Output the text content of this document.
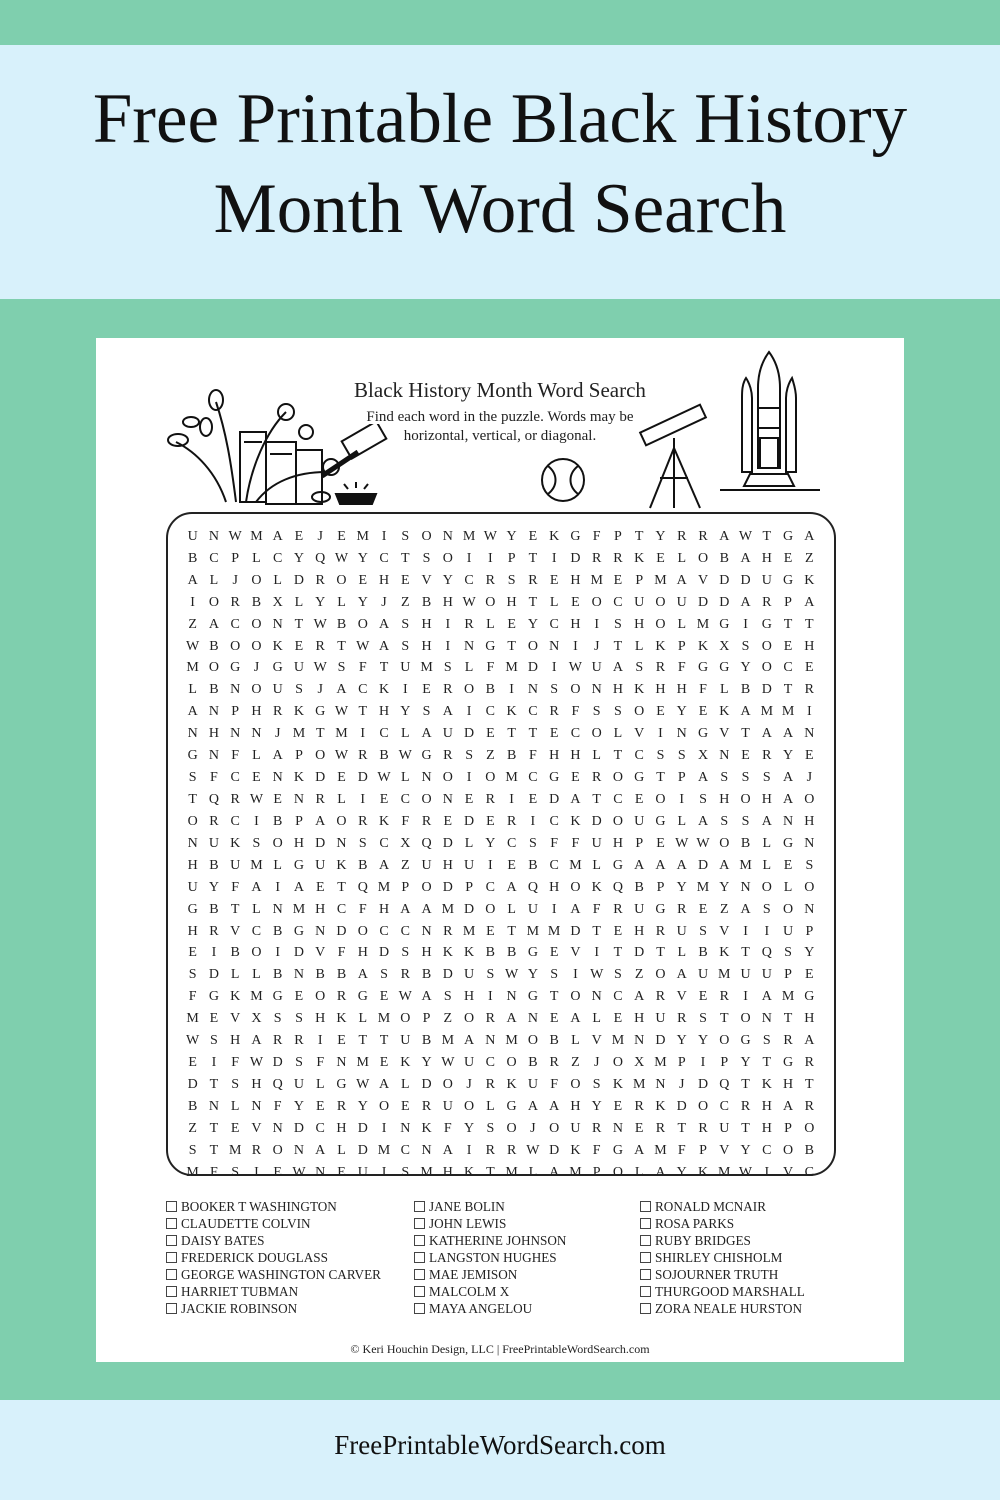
Free Printable Black History
Month Word Search
Black History Month Word Search
Find each word in the puzzle. Words may be
horizontal, vertical, or diagonal.
U N W M A E	J	E M I	S O N M W Y E K G F P T Y R R A W T G A
B C P L C Y Q W Y C T S O I	I	P T	I D R R K E L O B A H E Z
A L	J O L D R O E H E V Y C R S R E H M E P M A V D D U G K
I O R B X L Y L Y J	Z B H W O H T L E O C U O U D D A R P A
Z A C O N T W B O A S H I	R L E Y C H I	S H O L M G I G T T
W B O O K E R T W A S H I N G T O N I	J	T L K P K X S O E H
M O G J G U W S F T U M S L F M D I W U A S R F G G Y O C E
L B N O U S	J A C K I	E R O B	I N S O N H K H H F L B D T R
A N P H R K G W T H Y S A I	C K C R F S S O E Y E K A M M I
N H N N J M T M I	C L A U D E T T E C O L V I N G V T A A N
G N F L A P O W R B W G R S Z B F H H L T C S S X N E R Y E
S F C E N K D E D W L N O I O M C G E R O G T P A S S S A J
T Q R W E N R L	I	E C O N E R	I	E D A T C E O I	S H O H A O
O R C	I	B P A O R K F R E D E R	I	C K D O U G L A S S A N H
N U K S O H D N S C X Q D L Y C S F F U H P E W W O B L G N
H B U M L G U K B A Z U H U I	E B C M L G A A A D A M L E S
U Y F A I A E T Q M P O D P C A Q H O K Q B P Y M Y N O L O
G B T L N M H C F H A A M D O L U I A F R U G R E Z A S O N
H R V C B G N D O C C N R M E T M M D T E H R U S V I	I U P
E	I	B O I D V F H D S H K K B B G E V I	T D T L B K T Q S Y
S D L L B N B B A S R B D U S W Y S	I W S Z O A U M U U P E
F G K M G E O R G E W A S H I N G T O N C A R V E R	I A M G
M E V X S S H K L M O P Z O R A N E A L E H U R S T O N T H
W S H A R R	I	E T T U B M A N M O B L V M N D Y Y O G S R A
E	I	F W D S F N M E K Y W U C O B R Z	J O X M P	I	P Y T G R
D T S H Q U L G W A L D O J R K U F O S K M N J D Q T K H T
B N L N F Y E R Y O E R U O L G A A H Y E R K D O C R H A R
Z T E V N D C H D I N K F Y S O J O U R N E R T R U T H P O
S T M R O N A L D M C N A I	R R W D K F G A M F P V Y C O B
M F S	I	E W N E U I	S M H K T M L A M P O L A Y K M W I V C
BOOKER T WASHINGTON
CLAUDETTE COLVIN
DAISY BATES
FREDERICK DOUGLASS
GEORGE WASHINGTON CARVER
HARRIET TUBMAN
JACKIE ROBINSON
JANE BOLIN
JOHN LEWIS
KATHERINE JOHNSON
LANGSTON HUGHES
MAE JEMISON
MALCOLM X
MAYA ANGELOU
RONALD MCNAIR
ROSA PARKS
RUBY BRIDGES
SHIRLEY CHISHOLM
SOJOURNER TRUTH
THURGOOD MARSHALL
ZORA NEALE HURSTON
© Keri Houchin Design, LLC | FreePrintableWordSearch.com
FreePrintableWordSearch.com
